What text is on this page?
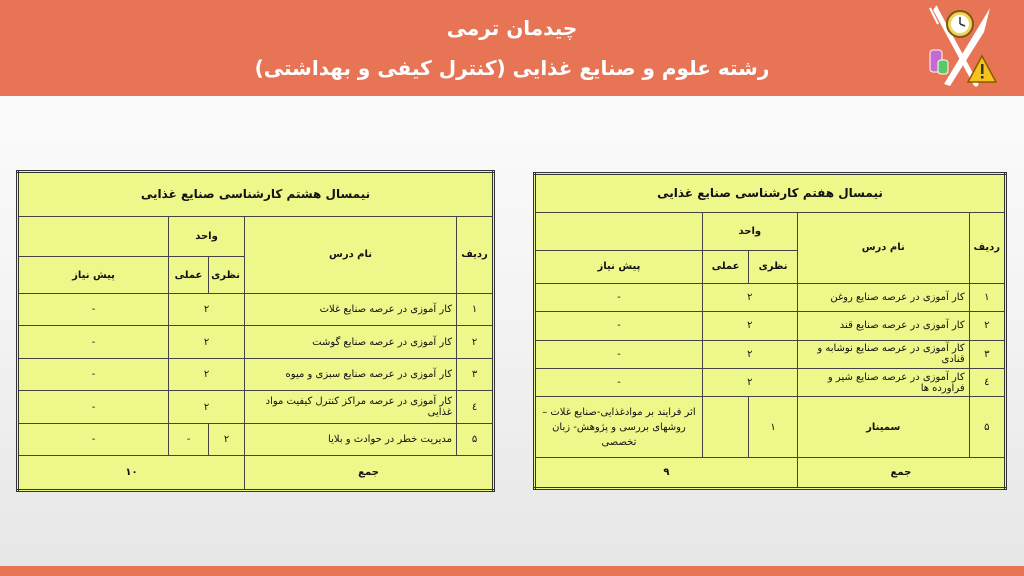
چیدمان ترمی
رشته علوم و صنایع غذایی (کنترل کیفی و بهداشتی)
نیمسال هشتم کارشناسی صنایع غذایی				
ردیف	نام درس	واحد		
		نظری	عملی	پیش نیاز
۱	کار آموزی در عرصه صنایع غلات	۲		-
۲	کار آموزی در عرصه صنایع گوشت	۲		-
۳	کار آموزی در عرصه صنایع سبزی و میوه	۲		-
٤	کار آموزی در عرصه مراکز کنترل کیفیت مواد غذایی	۲		-
۵	مدیریت خطر در حوادث و بلایا	۲	-	-
جمع		۱۰		
نیمسال هفتم کارشناسی صنایع غذایی				
ردیف	نام درس	واحد		
		نظری	عملی	پیش نیاز
۱	کار آموزی در عرصه صنایع روغن	۲		-
۲	کار آموزی در عرصه صنایع قند	۲		-
۳	کار آموزی در عرصه صنایع نوشابه و قنادی	۲		-
٤	کار آموزی در عرصه صنایع شیر و فراورده ها	۲		-
۵	سمینار	۱		اثر فرایند بر موادغذایی-صنایع غلات – روشهای بررسی و پژوهش- زبان تخصصی
جمع		۹		
